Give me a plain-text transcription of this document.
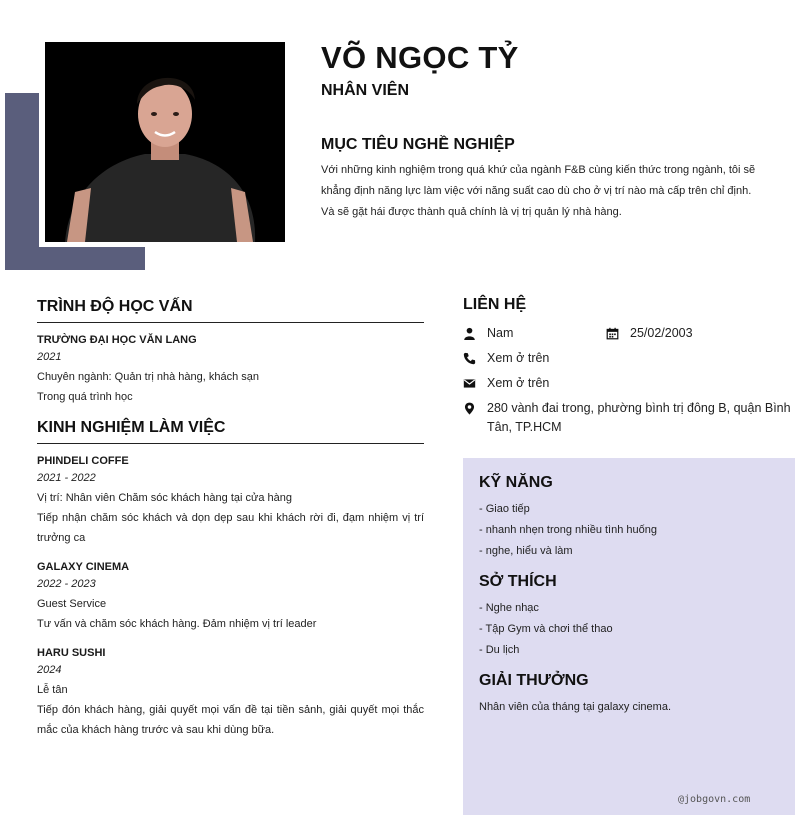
VÕ NGỌC TỶ
NHÂN VIÊN
MỤC TIÊU NGHỀ NGHIỆP

Với những kinh nghiệm trong quá khứ của ngành F&B cùng kiến thức trong ngành, tôi sẽ khẳng định năng lực làm việc với năng suất cao dù cho ở vị trí nào mà cấp trên chỉ định. Và sẽ gặt hái được thành quả chính là vị trị quản lý nhà hàng.

TRÌNH ĐỘ HỌC VẤN
TRƯỜNG ĐẠI HỌC VĂN LANG
2021
Chuyên ngành: Quản trị nhà hàng, khách sạn
Trong quá trình học
KINH NGHIỆM LÀM VIỆC
PHINDELI COFFE
2021 - 2022
Vị trí: Nhân viên Chăm sóc khách hàng tại cửa hàng
Tiếp nhận chăm sóc khách và dọn dẹp sau khi khách rời đi, đạm nhiệm vị trí trưởng ca
GALAXY CINEMA
2022 - 2023
Guest Service
Tư vấn và chăm sóc khách hàng. Đảm nhiệm vị trí leader
HARU SUSHI
2024
Lễ tân
Tiếp đón khách hàng, giải quyết mọi vấn đề tại tiền sảnh, giải quyết mọi thắc mắc của khách hàng trước và sau khi dùng bữa.
LIÊN HỆ
Nam	25/02/2003
Xem ở trên
Xem ở trên
280 vành đai trong, phường bình trị đông B, quận Bình Tân, TP.HCM
KỸ NĂNG
- Giao tiếp
- nhanh nhẹn trong nhiều tình huống
- nghe, hiểu và làm
SỞ THÍCH
- Nghe nhạc
- Tập Gym và chơi thể thao
- Du lịch
GIẢI THƯỞNG
Nhân viên của tháng tại galaxy cinema.
@jobgovn.com
